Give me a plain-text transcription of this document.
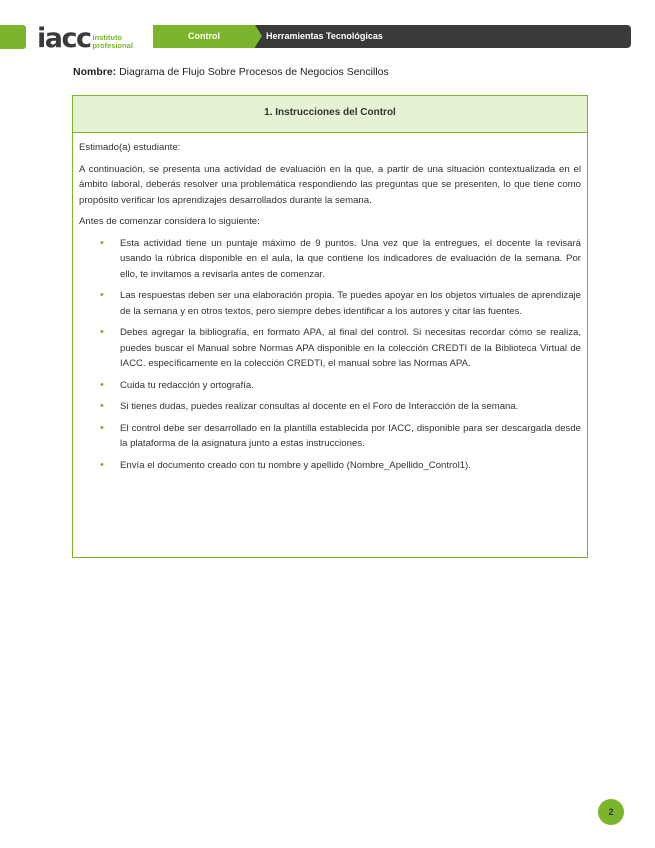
iacc instituto
profesional
Control	Herramientas Tecnológicas
Nombre: Diagrama de Flujo Sobre Procesos de Negocios Sencillos
1. Instrucciones del Control

Estimado(a) estudiante:

A continuación, se presenta una actividad de evaluación en la que, a partir de una situación contextualizada en el ámbito laboral, deberás resolver una problemática respondiendo las preguntas que se presenten, lo que tiene como propósito verificar los aprendizajes desarrollados durante la semana.

Antes de comenzar considera lo siguiente:

• Esta actividad tiene un puntaje máximo de 9 puntos. Una vez que la entregues, el docente la revisará usando la rúbrica disponible en el aula, la que contiene los indicadores de evaluación de la semana. Por ello, te invitamos a revisarla antes de comenzar.
• Las respuestas deben ser una elaboración propia. Te puedes apoyar en los objetos virtuales de aprendizaje de la semana y en otros textos, pero siempre debes identificar a los autores y citar las fuentes.
• Debes agregar la bibliografía, en formato APA, al final del control. Si necesitas recordar cómo se realiza, puedes buscar el Manual sobre Normas APA disponible en la colección CREDTI de la Biblioteca Virtual de IACC. específicamente en la colección CREDTI, el manual sobre las Normas APA.
• Cuida tu redacción y ortografía.
• Si tienes dudas, puedes realizar consultas al docente en el Foro de Interacción de la semana.
• El control debe ser desarrollado en la plantilla establecida por IACC, disponible para ser descargada desde la plataforma de la asignatura junto a estas instrucciones.
• Envía el documento creado con tu nombre y apellido (Nombre_Apellido_Control1).
2
